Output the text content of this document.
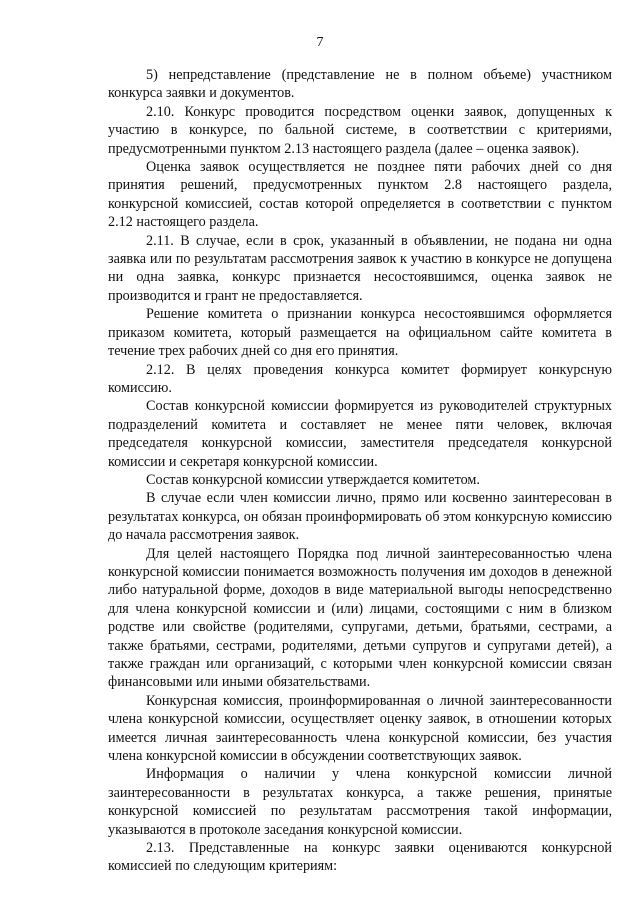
7

5) непредставление (представление не в полном объеме) участником конкурса заявки и документов.

2.10. Конкурс проводится посредством оценки заявок, допущенных к участию в конкурсе, по бальной системе, в соответствии с критериями, предусмотренными пунктом 2.13 настоящего раздела (далее – оценка заявок).

Оценка заявок осуществляется не позднее пяти рабочих дней со дня принятия решений, предусмотренных пунктом 2.8 настоящего раздела, конкурсной комиссией, состав которой определяется в соответствии с пунктом 2.12 настоящего раздела.

2.11. В случае, если в срок, указанный в объявлении, не подана ни одна заявка или по результатам рассмотрения заявок к участию в конкурсе не допущена ни одна заявка, конкурс признается несостоявшимся, оценка заявок не производится и грант не предоставляется.

Решение комитета о признании конкурса несостоявшимся оформляется приказом комитета, который размещается на официальном сайте комитета в течение трех рабочих дней со дня его принятия.

2.12. В целях проведения конкурса комитет формирует конкурсную комиссию.

Состав конкурсной комиссии формируется из руководителей структурных подразделений комитета и составляет не менее пяти человек, включая председателя конкурсной комиссии, заместителя председателя конкурсной комиссии и секретаря конкурсной комиссии.

Состав конкурсной комиссии утверждается комитетом.

В случае если член комиссии лично, прямо или косвенно заинтересован в результатах конкурса, он обязан проинформировать об этом конкурсную комиссию до начала рассмотрения заявок.

Для целей настоящего Порядка под личной заинтересованностью члена конкурсной комиссии понимается возможность получения им доходов в денежной либо натуральной форме, доходов в виде материальной выгоды непосредственно для члена конкурсной комиссии и (или) лицами, состоящими с ним в близком родстве или свойстве (родителями, супругами, детьми, братьями, сестрами, а также братьями, сестрами, родителями, детьми супругов и супругами детей), а также граждан или организаций, с которыми член конкурсной комиссии связан финансовыми или иными обязательствами.

Конкурсная комиссия, проинформированная о личной заинтересованности члена конкурсной комиссии, осуществляет оценку заявок, в отношении которых имеется личная заинтересованность члена конкурсной комиссии, без участия члена конкурсной комиссии в обсуждении соответствующих заявок.

Информация о наличии у члена конкурсной комиссии личной заинтересованности в результатах конкурса, а также решения, принятые конкурсной комиссией по результатам рассмотрения такой информации, указываются в протоколе заседания конкурсной комиссии.

2.13. Представленные на конкурс заявки оцениваются конкурсной комиссией по следующим критериям:
